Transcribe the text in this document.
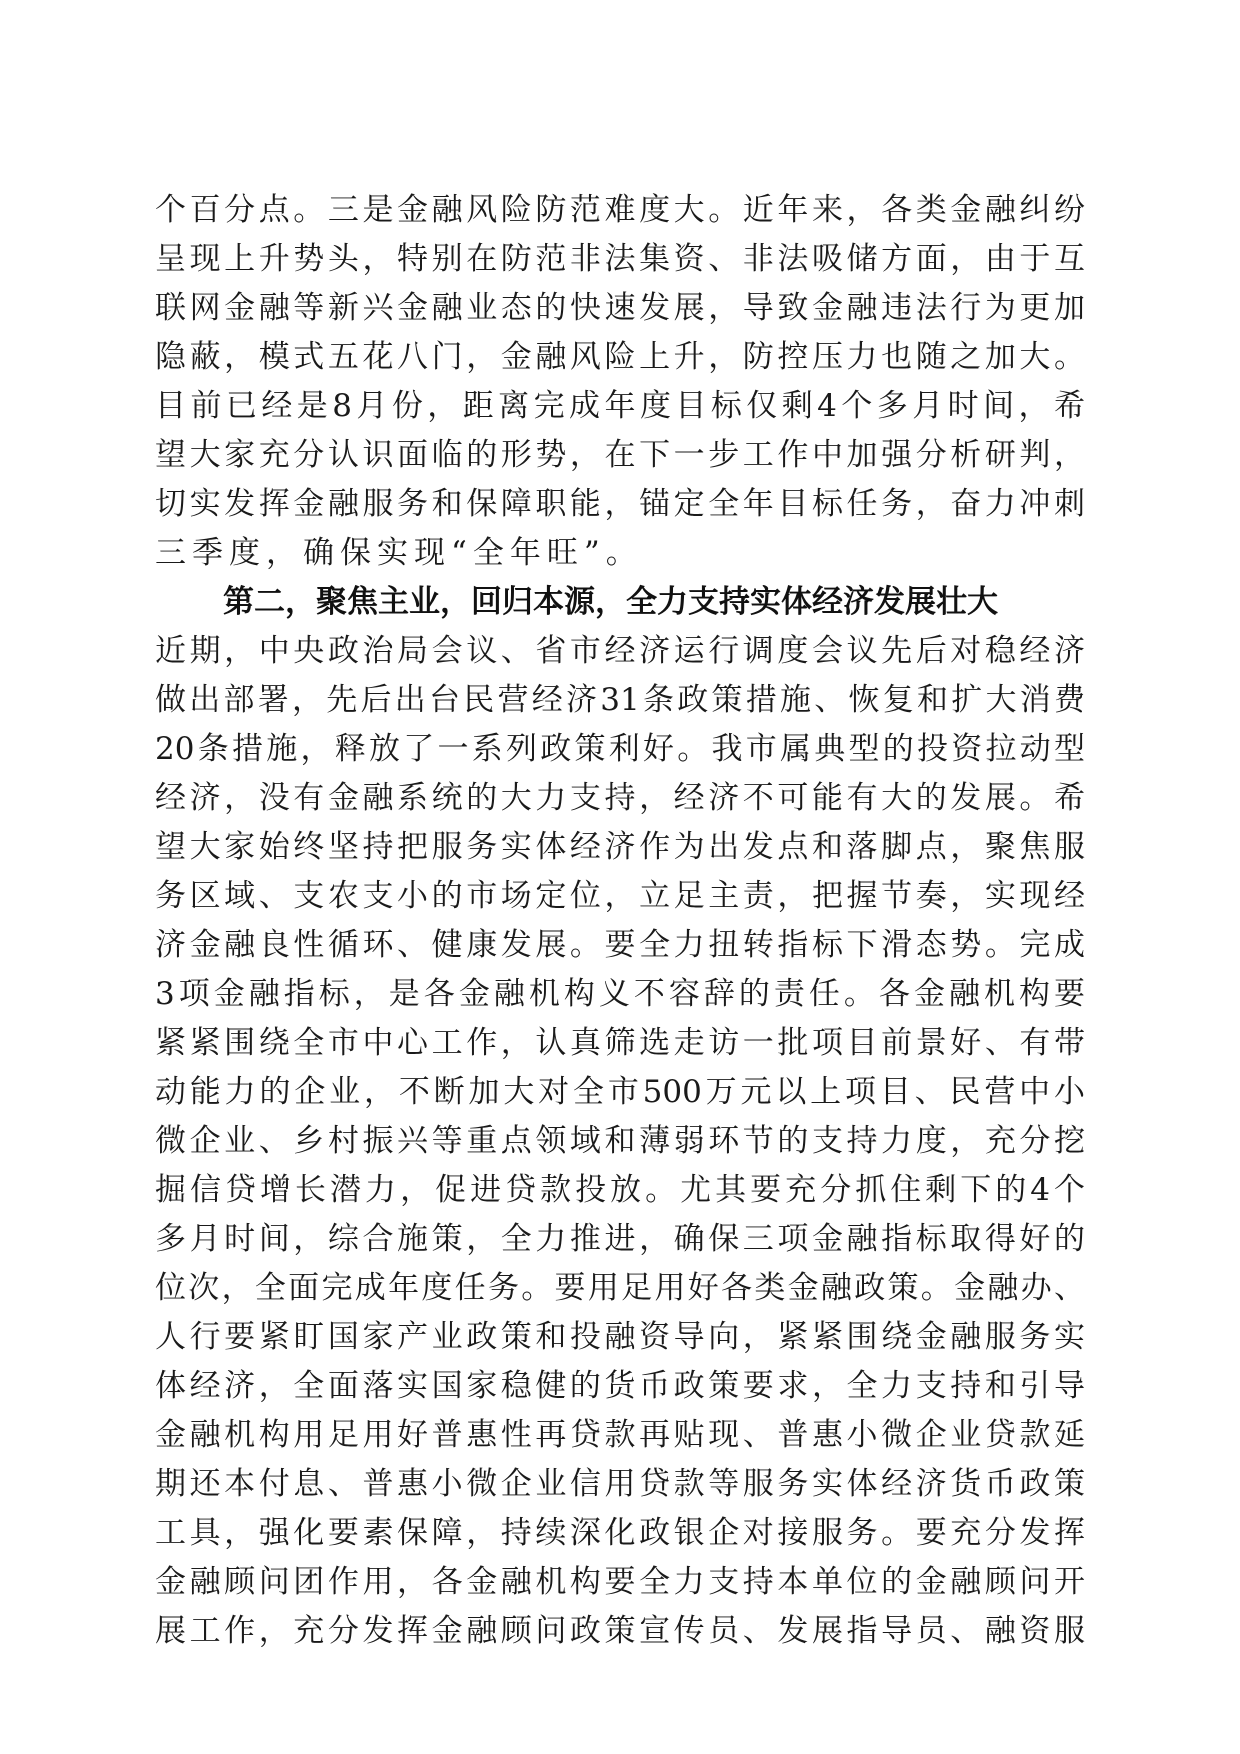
个百分点。三是金融风险防范难度大。近年来，各类金融纠纷
呈现上升势头，特别在防范非法集资、非法吸储方面，由于互
联网金融等新兴金融业态的快速发展，导致金融违法行为更加
隐蔽，模式五花八门，金融风险上升，防控压力也随之加大。
目前已经是8月份，距离完成年度目标仅剩4个多月时间，希
望大家充分认识面临的形势，在下一步工作中加强分析研判，
切实发挥金融服务和保障职能，锚定全年目标任务，奋力冲刺
三季度，确保实现“全年旺”。
第二，聚焦主业，回归本源，全力支持实体经济发展壮大
近期，中央政治局会议、省市经济运行调度会议先后对稳经济
做出部署，先后出台民营经济31条政策措施、恢复和扩大消费
20条措施，释放了一系列政策利好。我市属典型的投资拉动型
经济，没有金融系统的大力支持，经济不可能有大的发展。希
望大家始终坚持把服务实体经济作为出发点和落脚点，聚焦服
务区域、支农支小的市场定位，立足主责，把握节奏，实现经
济金融良性循环、健康发展。要全力扭转指标下滑态势。完成
3项金融指标，是各金融机构义不容辞的责任。各金融机构要
紧紧围绕全市中心工作，认真筛选走访一批项目前景好、有带
动能力的企业，不断加大对全市500万元以上项目、民营中小
微企业、乡村振兴等重点领域和薄弱环节的支持力度，充分挖
掘信贷增长潜力，促进贷款投放。尤其要充分抓住剩下的4个
多月时间，综合施策，全力推进，确保三项金融指标取得好的
位次，全面完成年度任务。要用足用好各类金融政策。金融办、
人行要紧盯国家产业政策和投融资导向，紧紧围绕金融服务实
体经济，全面落实国家稳健的货币政策要求，全力支持和引导
金融机构用足用好普惠性再贷款再贴现、普惠小微企业贷款延
期还本付息、普惠小微企业信用贷款等服务实体经济货币政策
工具，强化要素保障，持续深化政银企对接服务。要充分发挥
金融顾问团作用，各金融机构要全力支持本单位的金融顾问开
展工作，充分发挥金融顾问政策宣传员、发展指导员、融资服
